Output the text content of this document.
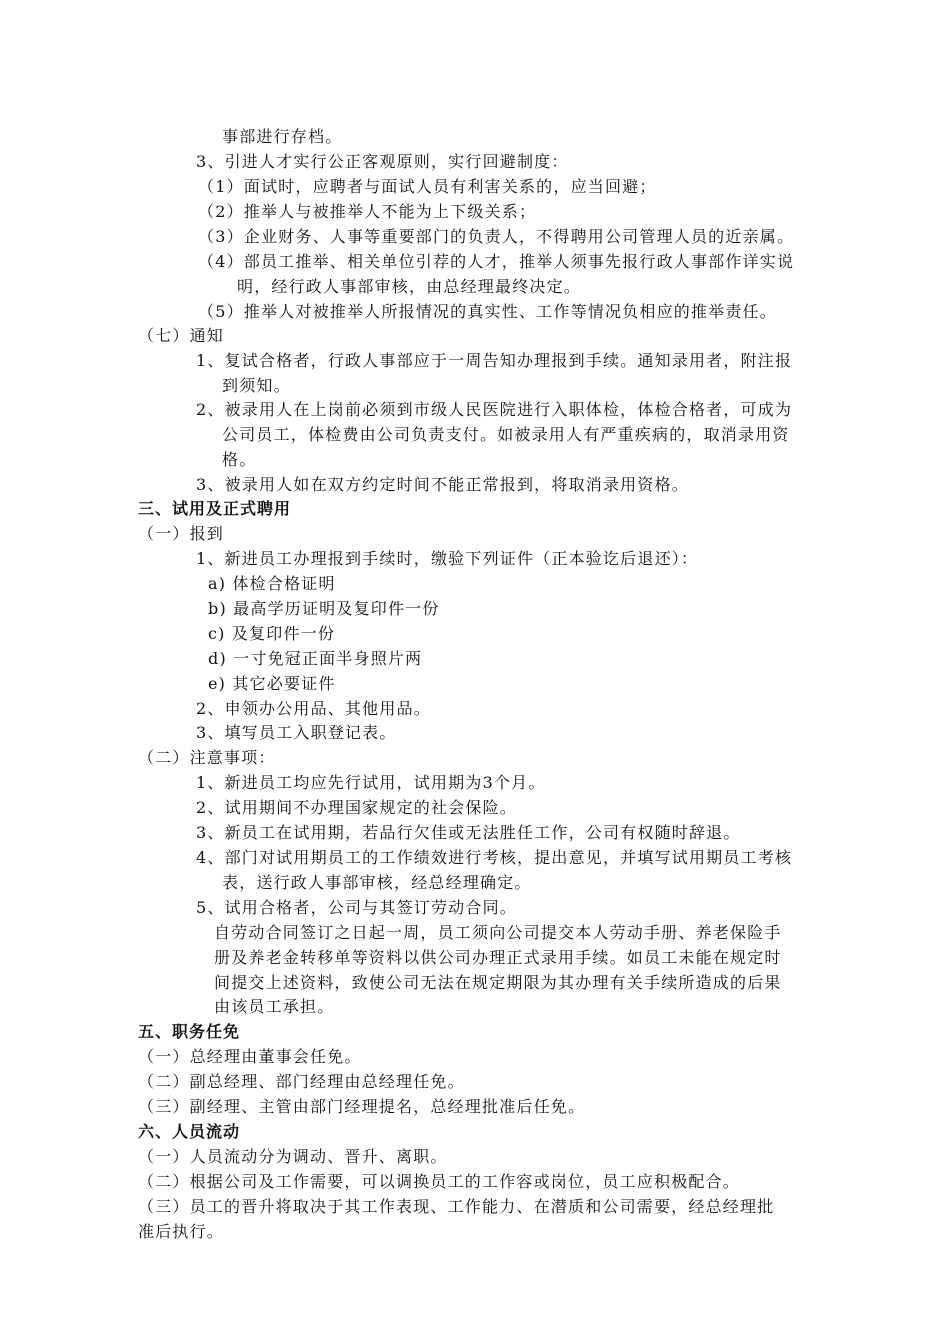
事部进行存档。
3、引进人才实行公正客观原则，实行回避制度：
（1）面试时，应聘者与面试人员有利害关系的，应当回避；
（2）推举人与被推举人不能为上下级关系；
（3）企业财务、人事等重要部门的负责人，不得聘用公司管理人员的近亲属。
（4）部员工推举、相关单位引荐的人才，推举人须事先报行政人事部作详实说
明，经行政人事部审核，由总经理最终决定。
（5）推举人对被推举人所报情况的真实性、工作等情况负相应的推举责任。
（七）通知
1、复试合格者，行政人事部应于一周告知办理报到手续。通知录用者，附注报
到须知。
2、被录用人在上岗前必须到市级人民医院进行入职体检，体检合格者，可成为
公司员工，体检费由公司负责支付。如被录用人有严重疾病的，取消录用资
格。
3、被录用人如在双方约定时间不能正常报到，将取消录用资格。
三、试用及正式聘用
（一）报到
1、新进员工办理报到手续时，缴验下列证件（正本验讫后退还）：
a) 体检合格证明
b) 最高学历证明及复印件一份
c) 及复印件一份
d) 一寸免冠正面半身照片两
e) 其它必要证件
2、申领办公用品、其他用品。
3、填写员工入职登记表。
（二）注意事项：
1、新进员工均应先行试用，试用期为3个月。
2、试用期间不办理国家规定的社会保险。
3、新员工在试用期，若品行欠佳或无法胜任工作，公司有权随时辞退。
4、部门对试用期员工的工作绩效进行考核，提出意见，并填写试用期员工考核
表，送行政人事部审核，经总经理确定。
5、试用合格者，公司与其签订劳动合同。
自劳动合同签订之日起一周，员工须向公司提交本人劳动手册、养老保险手
册及养老金转移单等资料以供公司办理正式录用手续。如员工未能在规定时
间提交上述资料，致使公司无法在规定期限为其办理有关手续所造成的后果
由该员工承担。
五、职务任免
（一）总经理由董事会任免。
（二）副总经理、部门经理由总经理任免。
（三）副经理、主管由部门经理提名，总经理批准后任免。
六、人员流动
（一）人员流动分为调动、晋升、离职。
（二）根据公司及工作需要，可以调换员工的工作容或岗位，员工应积极配合。
（三）员工的晋升将取决于其工作表现、工作能力、在潜质和公司需要，经总经理批
准后执行。
